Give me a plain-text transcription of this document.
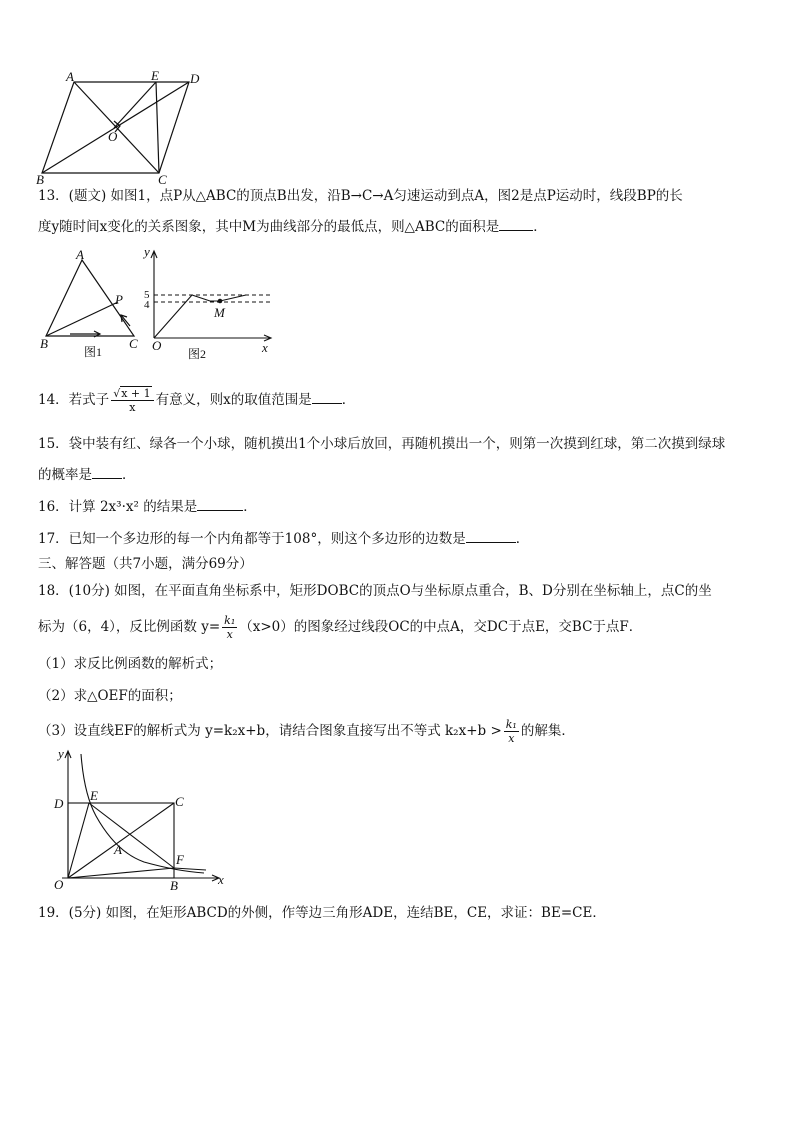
A	E D
O
B	C
13．(题文) 如图1，点P从△ABC的顶点B出发，沿B→C→A匀速运动到点A，图2是点P运动时，线段BP的长
度y随时间x变化的关系图象，其中M为曲线部分的最低点，则△ABC的面积是	．
A
P
B	C
图1
y
5
4	M
O	x
图2
14．若式子 $\frac{√x + 1}{x}$ 有意义，则x的取值范围是 ．
15．袋中装有红、绿各一个小球，随机摸出1个小球后放回，再随机摸出一个，则第一次摸到红球，第二次摸到绿球
的概率是 ．
16．计算 2x³·x² 的结果是	．
17．已知一个多边形的每一个内角都等于108°，则这个多边形的边数是	．
三、解答题（共7小题，满分69分）
18．(10分) 如图，在平面直角坐标系中，矩形DOBC的顶点O与坐标原点重合，B、D分别在坐标轴上，点C的坐
标为（6，4），反比例函数 $y= \frac{\text{k₁}}{x} (x>0)$的图象经过线段OC的中点A，交DC于点E，交BC于点F．
（1）求反比例函数的解析式；
（2）求△OEF的面积；
（3）设直线EF的解析式为 y=k₂x+b，请结合图象直接写出不等式 $k_2x+b > \frac{\text{k₁}}{x}$ 的解集．
y
D
E	C
A
F
O	B	x
19．(5分) 如图，在矩形ABCD的外侧，作等边三角形ADE，连结BE，CE，求证：BE=CE．
